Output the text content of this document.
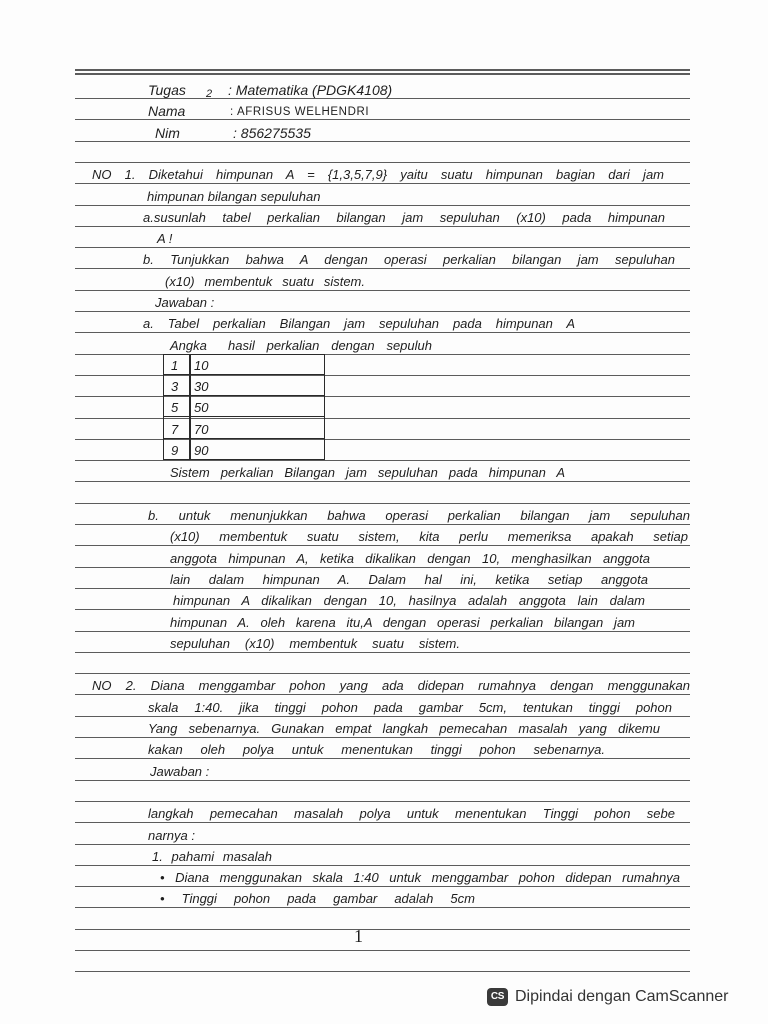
Tugas 2 : Matematika (PDGK4108)
Nama	: AFRISUS WELHENDRI
Nim	: 856275535
NO 1. Diketahui himpunan A = {1,3,5,7,9} yaitu suatu himpunan bagian dari jam
himpunan bilangan sepuluhan
a.susunlah tabel perkalian bilangan jam sepuluhan (x10) pada himpunan
A !
b. Tunjukkan bahwa A dengan operasi perkalian bilangan jam sepuluhan
(x10) membentuk suatu sistem.
Jawaban :
a. Tabel perkalian Bilangan jam sepuluhan pada himpunan A
Angka hasil perkalian dengan sepuluh
1 10
3 30
5 50
7 70
9 90
Sistem perkalian Bilangan jam sepuluhan pada himpunan A
b. untuk menunjukkan bahwa operasi perkalian bilangan jam sepuluhan
(x10) membentuk suatu sistem, kita perlu memeriksa apakah setiap
anggota himpunan A, ketika dikalikan dengan 10, menghasilkan anggota
lain dalam himpunan A. Dalam hal ini, ketika setiap anggota
himpunan A dikalikan dengan 10, hasilnya adalah anggota lain dalam
himpunan A. oleh karena itu,A dengan operasi perkalian bilangan jam
sepuluhan (x10) membentuk suatu sistem.
NO 2. Diana menggambar pohon yang ada didepan rumahnya dengan menggunakan
skala 1:40. jika tinggi pohon pada gambar 5cm, tentukan tinggi pohon
Yang sebenarnya. Gunakan empat langkah pemecahan masalah yang dikemu
kakan oleh polya untuk menentukan tinggi pohon sebenarnya.
Jawaban :
langkah pemecahan masalah polya untuk menentukan Tinggi pohon sebe
narnya :
1. pahami masalah
• Diana menggunakan skala 1:40 untuk menggambar pohon didepan rumahnya
• Tinggi pohon pada gambar adalah 5cm
1
CS Dipindai dengan CamScanner
